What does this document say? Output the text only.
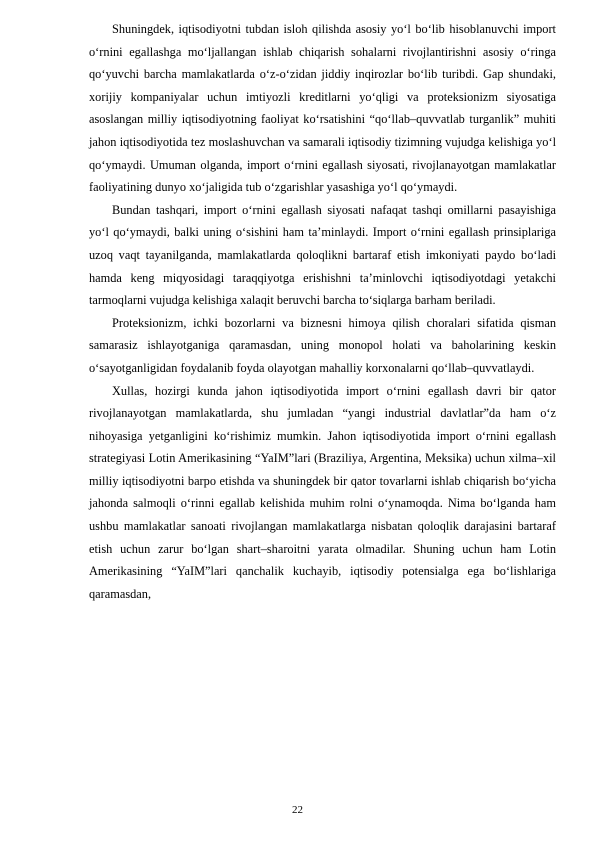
Shuningdek, iqtisodiyotni tubdan isloh qilishda asosiy yo‘l bo‘lib hisoblanuvchi import o‘rnini egallashga mo‘ljallangan ishlab chiqarish sohalarni rivojlantirishni asosiy o‘ringa qo‘yuvchi barcha mamlakatlarda o‘z-o‘zidan jiddiy inqirozlar bo‘lib turibdi. Gap shundaki, xorijiy kompaniyalar uchun imtiyozli kreditlarni yo‘qligi va proteksionizm siyosatiga asoslangan milliy iqtisodiyotning faoliyat ko‘rsatishini “qo‘llab–quvvatlab turganlik” muhiti jahon iqtisodiyotida tez moslashuvchan va samarali iqtisodiy tizimning vujudga kelishiga yo‘l qo‘ymaydi. Umuman olganda, import o‘rnini egallash siyosati, rivojlanayotgan mamlakatlar faoliyatining dunyo xo‘jaligida tub o‘zgarishlar yasashiga yo‘l qo‘ymaydi.

Bundan tashqari, import o‘rnini egallash siyosati nafaqat tashqi omillarni pasayishiga yo‘l qo‘ymaydi, balki uning o‘sishini ham ta’minlaydi. Import o‘rnini egallash prinsiplariga uzoq vaqt tayanilganda, mamlakatlarda qoloqlikni bartaraf etish imkoniyati paydo bo‘ladi hamda keng miqyosidagi taraqqiyotga erishishni ta’minlovchi iqtisodiyotdagi yetakchi tarmoqlarni vujudga kelishiga xalaqit beruvchi barcha to‘siqlarga barham beriladi.

Proteksionizm, ichki bozorlarni va biznesni himoya qilish choralari sifatida qisman samarasiz ishlayotganiga qaramasdan, uning monopol holati va baholarining keskin o‘sayotganligidan foydalanib foyda olayotgan mahalliy korxonalarni qo‘llab–quvvatlaydi.

Xullas, hozirgi kunda jahon iqtisodiyotida import o‘rnini egallash davri bir qator rivojlanayotgan mamlakatlarda, shu jumladan “yangi industrial davlatlar”da ham o‘z nihoyasiga yetganligini ko‘rishimiz mumkin. Jahon iqtisodiyotida import o‘rnini egallash strategiyasi Lotin Amerikasining “YaIM”lari (Braziliya, Argentina, Meksika) uchun xilma–xil milliy iqtisodiyotni barpo etishda va shuningdek bir qator tovarlarni ishlab chiqarish bo‘yicha jahonda salmoqli o‘rinni egallab kelishida muhim rolni o‘ynamoqda. Nima bo‘lganda ham ushbu mamlakatlar sanoati rivojlangan mamlakatlarga nisbatan qoloqlik darajasini bartaraf etish uchun zarur bo‘lgan shart–sharoitni yarata olmadilar. Shuning uchun ham Lotin Amerikasining “YaIM”lari qanchalik kuchayib, iqtisodiy potensialga ega bo‘lishlariga qaramasdan,

22
